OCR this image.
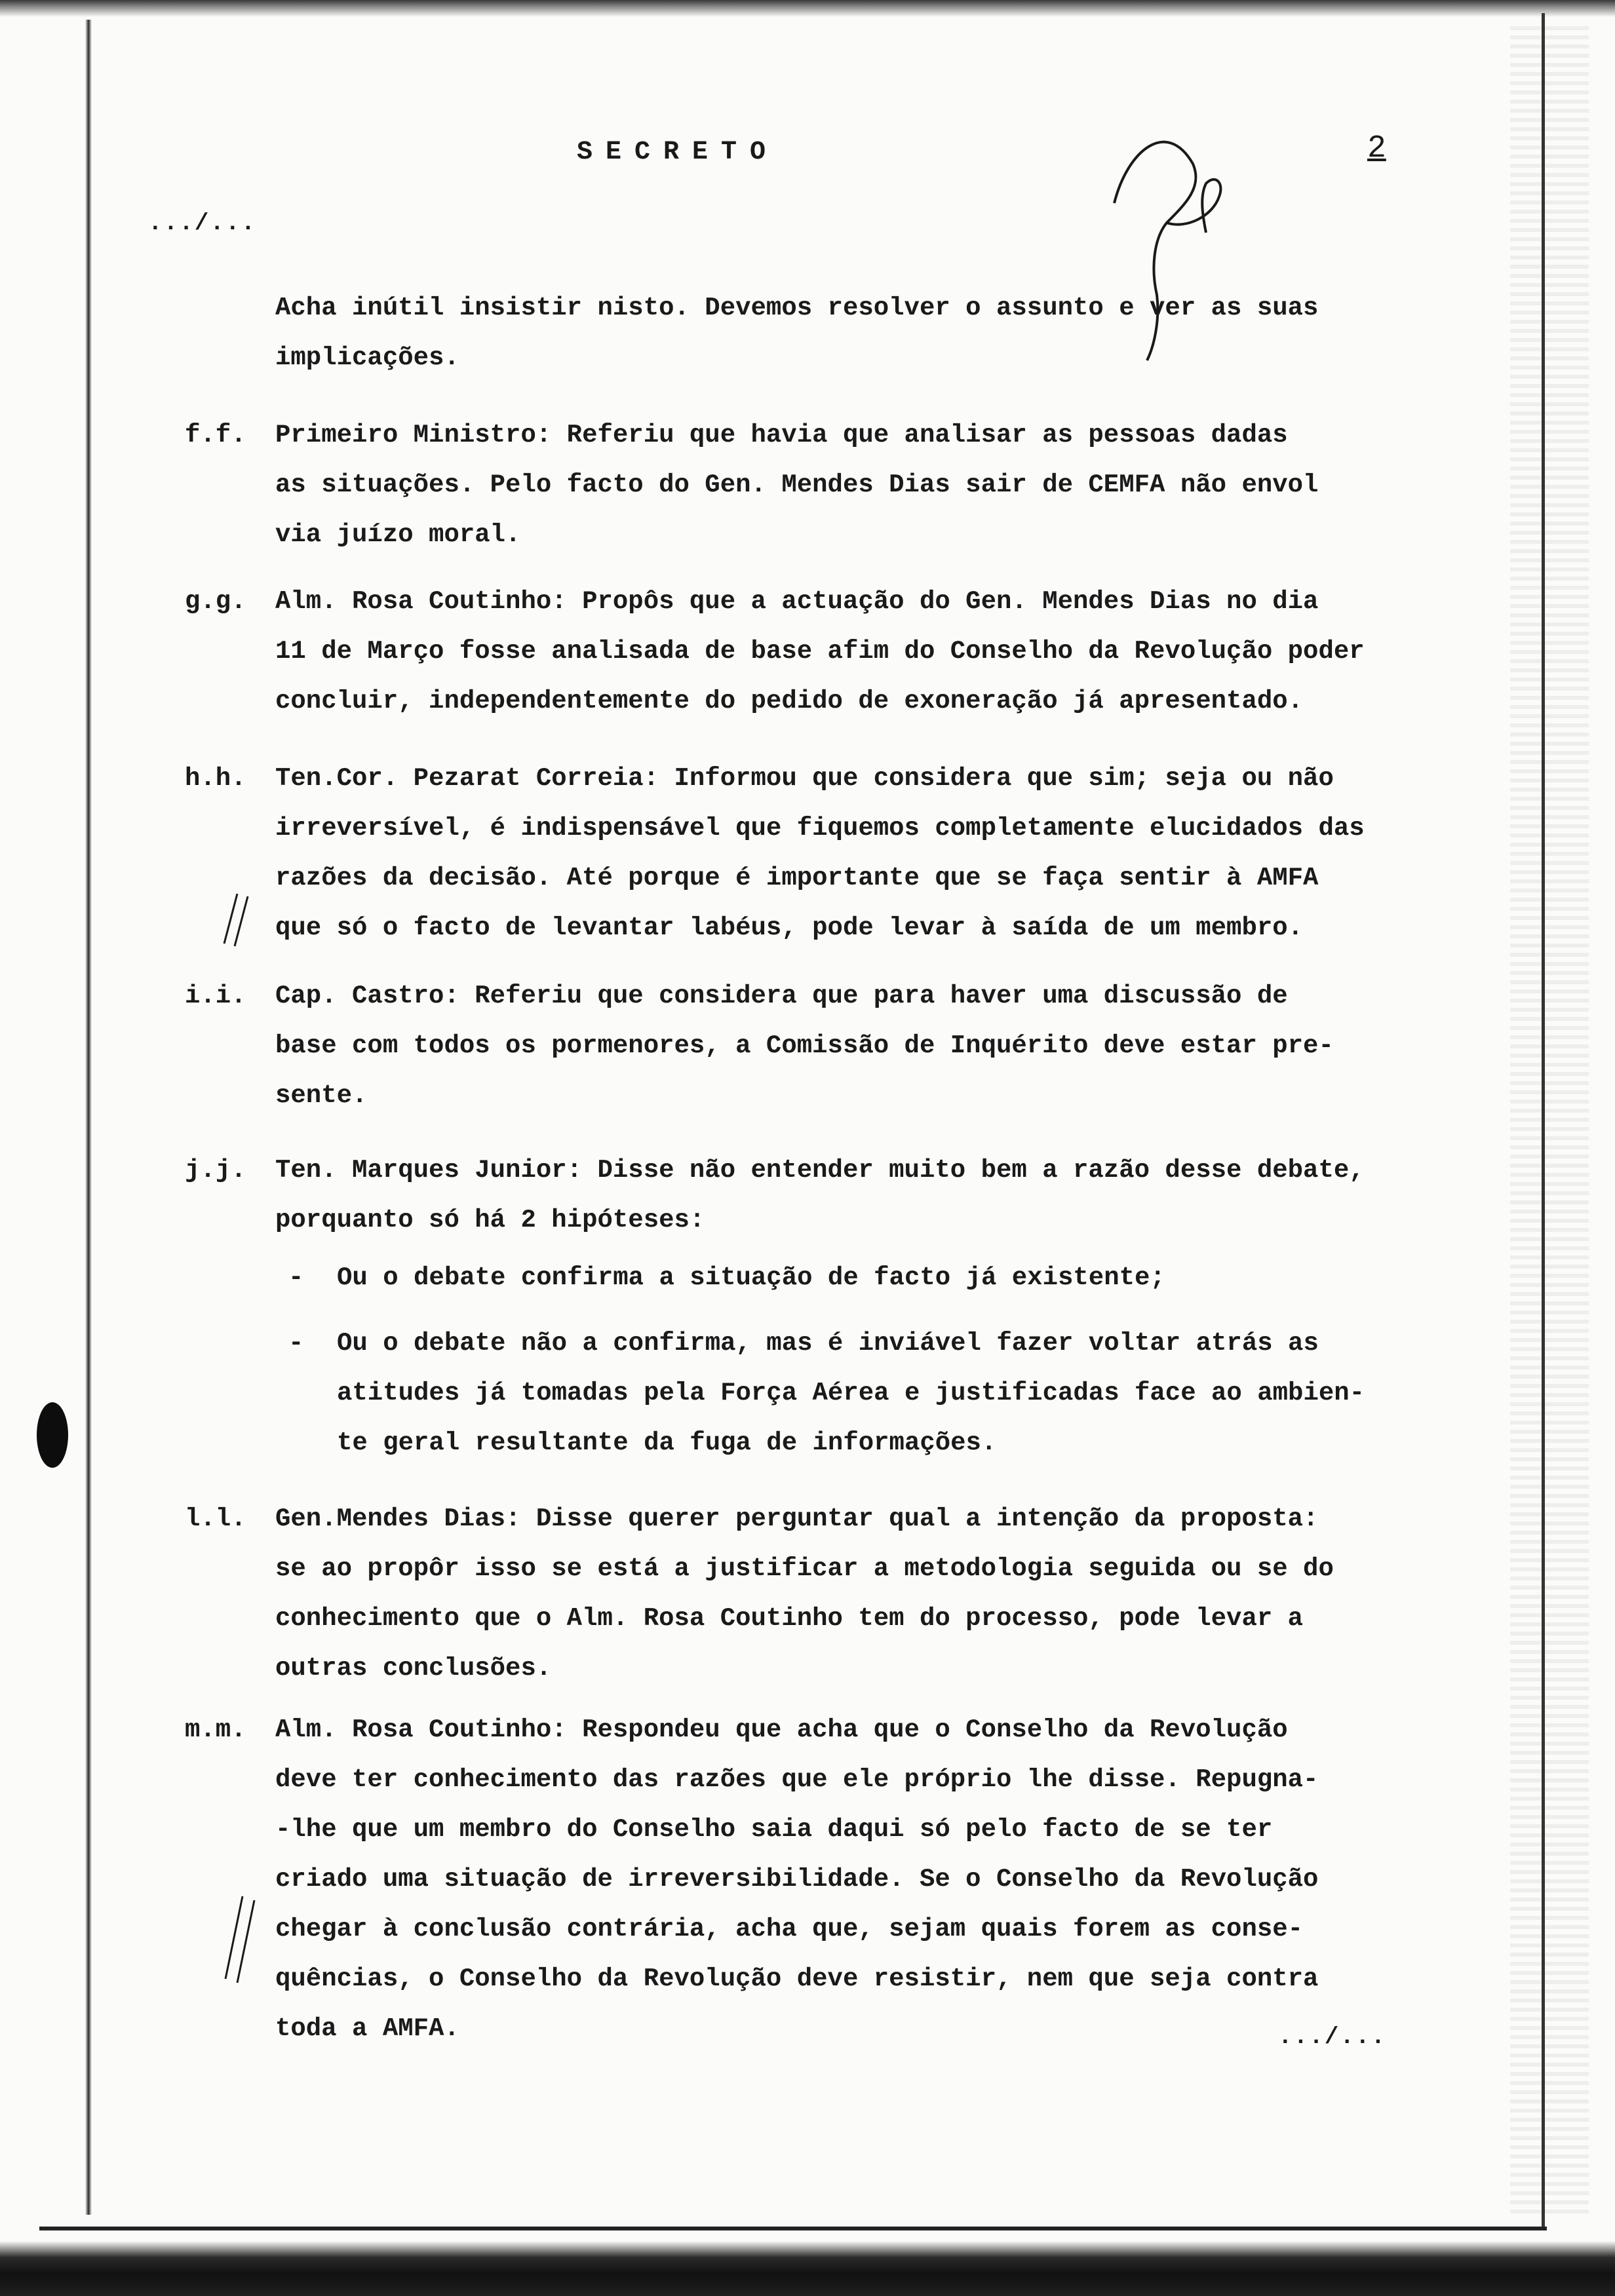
SECRETO	2
.../...
Acha inútil insistir nisto. Devemos resolver o assunto e ver as suas
implicações.
f.f. Primeiro Ministro: Referiu que havia que analisar as pessoas dadas
as situações. Pelo facto do Gen. Mendes Dias sair de CEMFA não envol
via juízo moral.
g.g. Alm. Rosa Coutinho: Propôs que a actuação do Gen. Mendes Dias no dia
11 de Março fosse analisada de base afim do Conselho da Revolução poder
concluir, independentemente do pedido de exoneração já apresentado.
h.h. Ten.Cor. Pezarat Correia: Informou que considera que sim; seja ou não
irreversível, é indispensável que fiquemos completamente elucidados das
razões da decisão. Até porque é importante que se faça sentir à AMFA
que só o facto de levantar labéus, pode levar à saída de um membro.
i.i. Cap. Castro: Referiu que considera que para haver uma discussão de
base com todos os pormenores, a Comissão de Inquérito deve estar pre-
sente.
j.j. Ten. Marques Junior: Disse não entender muito bem a razão desse debate,
porquanto só há 2 hipóteses:
- Ou o debate confirma a situação de facto já existente;
- Ou o debate não a confirma, mas é inviável fazer voltar atrás as
atitudes já tomadas pela Força Aérea e justificadas face ao ambien-
te geral resultante da fuga de informações.
l.l. Gen.Mendes Dias: Disse querer perguntar qual a intenção da proposta:
se ao propôr isso se está a justificar a metodologia seguida ou se do
conhecimento que o Alm. Rosa Coutinho tem do processo, pode levar a
outras conclusões.
m.m. Alm. Rosa Coutinho: Respondeu que acha que o Conselho da Revolução
deve ter conhecimento das razões que ele próprio lhe disse. Repugna-
-lhe que um membro do Conselho saia daqui só pelo facto de se ter
criado uma situação de irreversibilidade. Se o Conselho da Revolução
chegar à conclusão contrária, acha que, sejam quais forem as conse-
quências, o Conselho da Revolução deve resistir, nem que seja contra
toda a AMFA.	.../...
